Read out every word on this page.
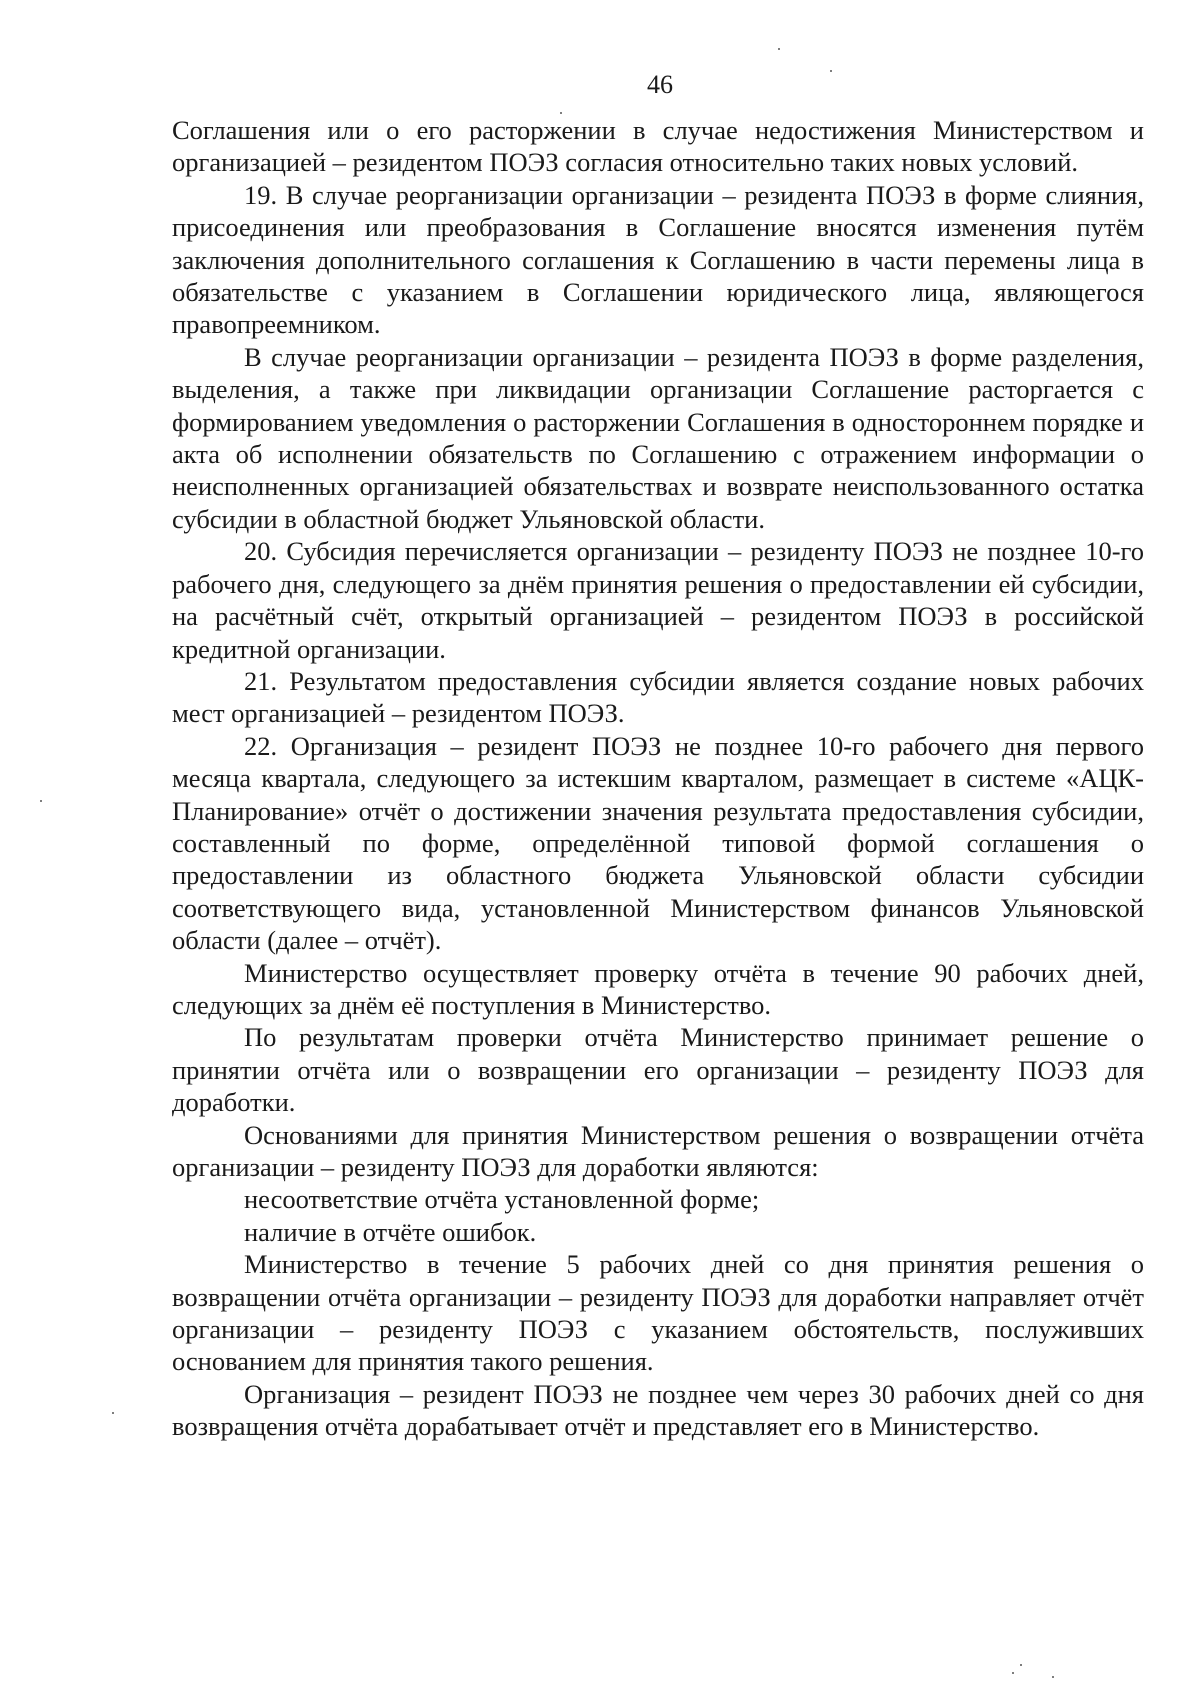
46

Соглашения или о его расторжении в случае недостижения Министерством и организацией – резидентом ПОЭЗ согласия относительно таких новых условий.

19. В случае реорганизации организации – резидента ПОЭЗ в форме слияния, присоединения или преобразования в Соглашение вносятся изменения путём заключения дополнительного соглашения к Соглашению в части перемены лица в обязательстве с указанием в Соглашении юридического лица, являющегося правопреемником.

В случае реорганизации организации – резидента ПОЭЗ в форме разделения, выделения, а также при ликвидации организации Соглашение расторгается с формированием уведомления о расторжении Соглашения в одностороннем порядке и акта об исполнении обязательств по Соглашению с отражением информации о неисполненных организацией обязательствах и возврате неиспользованного остатка субсидии в областной бюджет Ульяновской области.

20. Субсидия перечисляется организации – резиденту ПОЭЗ не позднее 10-го рабочего дня, следующего за днём принятия решения о предоставлении ей субсидии, на расчётный счёт, открытый организацией – резидентом ПОЭЗ в российской кредитной организации.

21. Результатом предоставления субсидии является создание новых рабочих мест организацией – резидентом ПОЭЗ.

22. Организация – резидент ПОЭЗ не позднее 10-го рабочего дня первого месяца квартала, следующего за истекшим кварталом, размещает в системе «АЦК-Планирование» отчёт о достижении значения результата предоставления субсидии, составленный по форме, определённой типовой формой соглашения о предоставлении из областного бюджета Ульяновской области субсидии соответствующего вида, установленной Министерством финансов Ульяновской области (далее – отчёт).

Министерство осуществляет проверку отчёта в течение 90 рабочих дней, следующих за днём её поступления в Министерство.

По результатам проверки отчёта Министерство принимает решение о принятии отчёта или о возвращении его организации – резиденту ПОЭЗ для доработки.

Основаниями для принятия Министерством решения о возвращении отчёта организации – резиденту ПОЭЗ для доработки являются:

несоответствие отчёта установленной форме;

наличие в отчёте ошибок.

Министерство в течение 5 рабочих дней со дня принятия решения о возвращении отчёта организации – резиденту ПОЭЗ для доработки направляет отчёт организации – резиденту ПОЭЗ с указанием обстоятельств, послуживших основанием для принятия такого решения.

Организация – резидент ПОЭЗ не позднее чем через 30 рабочих дней со дня возвращения отчёта дорабатывает отчёт и представляет его в Министерство.
